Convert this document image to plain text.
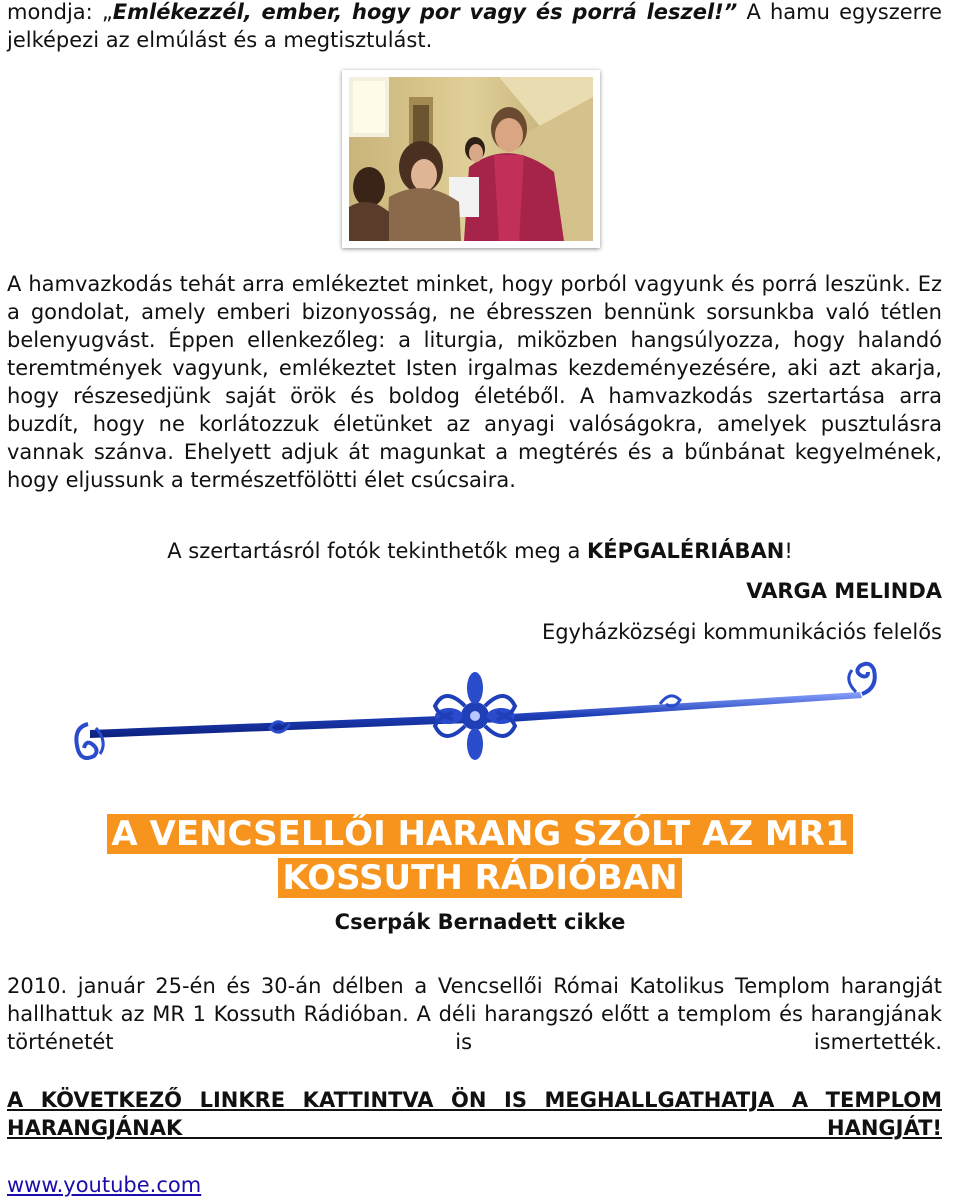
mondja: „Emlékezzél, ember, hogy por vagy és porrá leszel!” A hamu egyszerre jelképezi az elmúlást és a megtisztulást.

A hamvazkodás tehát arra emlékeztet minket, hogy porból vagyunk és porrá leszünk. Ez a gondolat, amely emberi bizonyosság, ne ébresszen bennünk sorsunkba való tétlen belenyugvást. Éppen ellenkezőleg: a liturgia, miközben hangsúlyozza, hogy halandó teremtmények vagyunk, emlékeztet Isten irgalmas kezdeményezésére, aki azt akarja, hogy részesedjünk saját örök és boldog életéből. A hamvazkodás szertartása arra buzdít, hogy ne korlátozzuk életünket az anyagi valóságokra, amelyek pusztulásra vannak szánva. Ehelyett adjuk át magunkat a megtérés és a bűnbánat kegyelmének, hogy eljussunk a természetfölötti élet csúcsaira.

A szertartásról fotók tekinthetők meg a KÉPGALÉRIÁBAN!
VARGA MELINDA
Egyházközségi kommunikációs felelős
A VENCSELLŐI HARANG SZÓLT AZ MR1
KOSSUTH RÁDIÓBAN
Cserpák Bernadett cikke

2010. január 25-én és 30-án délben a Vencsellői Római Katolikus Templom harangját hallhattuk az MR 1 Kossuth Rádióban. A déli harangszó előtt a templom és harangjának történetét is ismertették.

A KÖVETKEZŐ LINKRE KATTINTVA ÖN IS MEGHALLGATHATJA A TEMPLOM HARANGJÁNAK HANGJÁT!

www.youtube.com
